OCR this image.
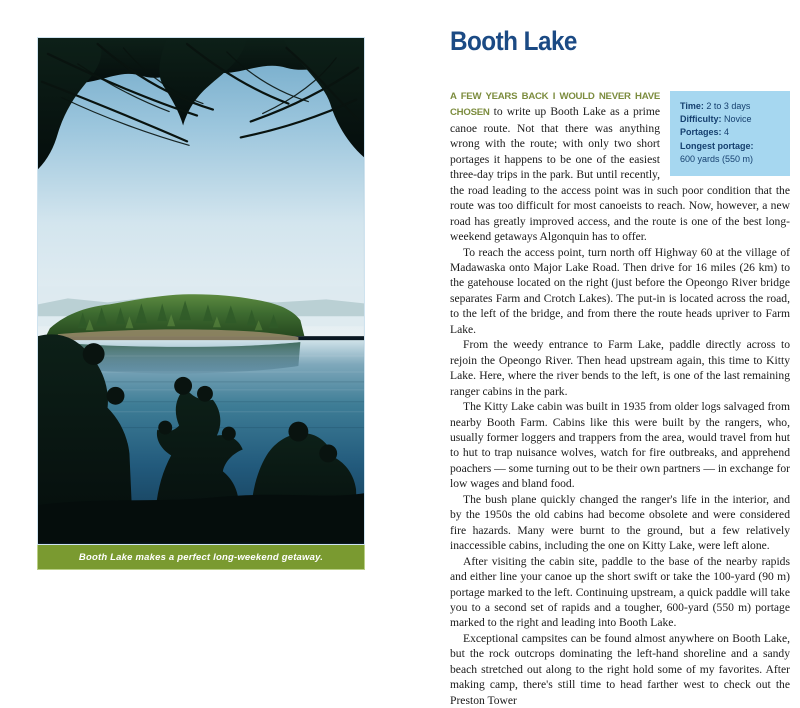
Booth Lake makes a perfect long-weekend getaway.
Booth Lake
Time: 2 to 3 days
Difficulty: Novice
Portages: 4
Longest portage:
600 yards (550 m)

A FEW YEARS BACK I WOULD NEVER HAVE CHOSEN to write up Booth Lake as a prime canoe route. Not that there was anything wrong with the route; with only two short portages it happens to be one of the easiest three-day trips in the park. But until recently, the road leading to the access point was in such poor condition that the route was too difficult for most canoeists to reach. Now, however, a new road has greatly improved access, and the route is one of the best long-weekend getaways Algonquin has to offer.

To reach the access point, turn north off Highway 60 at the village of Madawaska onto Major Lake Road. Then drive for 16 miles (26 km) to the gatehouse located on the right (just before the Opeongo River bridge separates Farm and Crotch Lakes). The put-in is located across the road, to the left of the bridge, and from there the route heads upriver to Farm Lake.

From the weedy entrance to Farm Lake, paddle directly across to rejoin the Opeongo River. Then head upstream again, this time to Kitty Lake. Here, where the river bends to the left, is one of the last remaining ranger cabins in the park.

The Kitty Lake cabin was built in 1935 from older logs salvaged from nearby Booth Farm. Cabins like this were built by the rangers, who, usually former loggers and trappers from the area, would travel from hut to hut to trap nuisance wolves, watch for fire outbreaks, and apprehend poachers — some turning out to be their own partners — in exchange for low wages and bland food.

The bush plane quickly changed the ranger's life in the interior, and by the 1950s the old cabins had become obsolete and were considered fire hazards. Many were burnt to the ground, but a few relatively inaccessible cabins, including the one on Kitty Lake, were left alone.

After visiting the cabin site, paddle to the base of the nearby rapids and either line your canoe up the short swift or take the 100-yard (90 m) portage marked to the left. Continuing upstream, a quick paddle will take you to a second set of rapids and a tougher, 600-yard (550 m) portage marked to the right and leading into Booth Lake.

Exceptional campsites can be found almost anywhere on Booth Lake, but the rock outcrops dominating the left-hand shoreline and a sandy beach stretched out along to the right hold some of my favorites. After making camp, there's still time to head farther west to check out the Preston Tower
